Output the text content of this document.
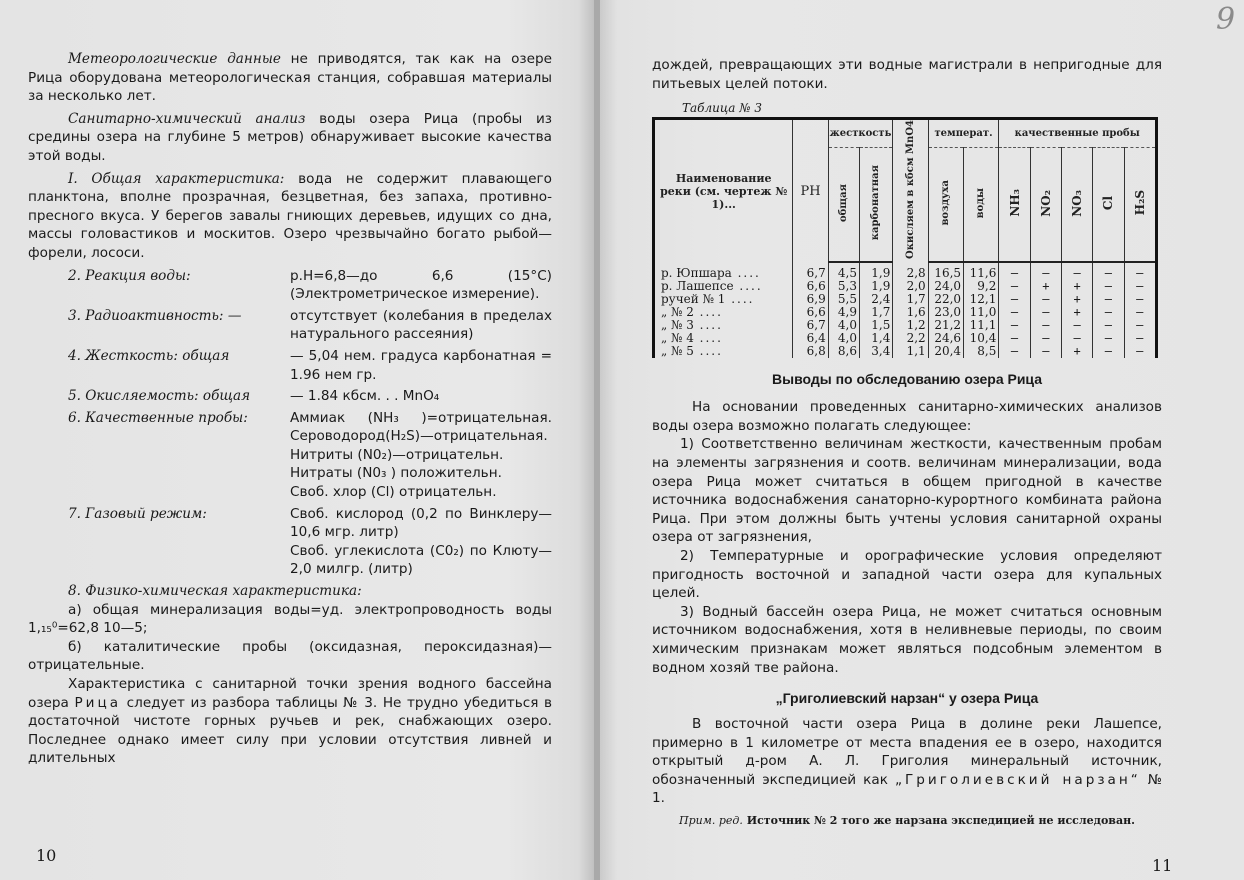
Метеорологические данные не приводятся, так как на озере Рица оборудована метеорологическая станция, собравшая материалы за несколько лет.

Санитарно-химический анализ воды озера Рица (пробы из средины озера на глубине 5 метров) обнаруживает высокие качества этой воды.

I. Общая характеристика: вода не содержит плавающего планктона, вполне прозрачная, безцветная, без запаха, противно-пресного вкуса. У берегов завалы гниющих деревьев, идущих со дна, массы головастиков и москитов. Озеро чрезвычайно богато рыбой—форели, лососи.

2. Реакция воды:	р.Н=6,8—до 6,6 (15°С) (Электрометрическое измерение).
3. Радиоактивность: —	отсутствует (колебания в пределах натурального рассеяния)
4. Жесткость: общая	— 5,04 нем. градуса карбонатная = 1.96 нем гр.
5. Окисляемость: общая	— 1.84 кбсм. . . MnO₄
6. Качественные пробы:	Аммиак (NH₃ )=отрицательная. Сероводород(H₂S)—отрицательная.
Нитриты (N0₂)—отрицательн.
Нитраты (N0₃ ) положительн.
Своб. хлор (Cl) отрицательн.
7. Газовый режим:	Своб. кислород (0,2 по Винклеру—10,6 мгр. литр)
Своб. углекислота (C0₂) по Клюту—2,0 милгр. (литр)

8. Физико-химическая характеристика:

а) общая минерализация воды=уд. электропроводность воды 1,₁₅⁰=62,8 10—5;

б) каталитические пробы (оксидазная, пероксидазная)—отрицательные.

Характеристика с санитарной точки зрения водного бассейна озера Рица следует из разбора таблицы № 3. Не трудно убедиться в достаточной чистоте горных ручьев и рек, снабжающих озеро. Последнее однако имеет силу при условии отсутствия ливней и длительных

10
9

дождей, превращающих эти водные магистрали в непригодные для питьевых целей потоки.

Таблица № 3
Наименование реки (см. чертеж № 1)...	PH	жесткость		Окисляем в кбсм MnO4	температ.		качественные пробы				
		общая	карбонатная		воздуха	воды	NH₃	NO₂	NO₃	Cl	H₂S
р. Юпшара ....	6,7	4,5	1,9	2,8	16,5	11,6	—	—	—	—	—
р. Лашепсе ....	6,6	5,3	1,9	2,0	24,0	9,2	—	+	+	—	—
ручей № 1 ....	6,9	5,5	2,4	1,7	22,0	12,1	—	—	+	—	—
„ № 2 ....	6,6	4,9	1,7	1,6	23,0	11,0	—	—	+	—	—
„ № 3 ....	6,7	4,0	1,5	1,2	21,2	11,1	—	—	—	—	—
„ № 4 ....	6,4	4,0	1,4	2,2	24,6	10,4	—	—	—	—	—
„ № 5 ....	6,8	8,6	3,4	1,1	20,4	8,5	—	—	+	—	—
Выводы по обследованию озера Рица

На основании проведенных санитарно-химических анализов воды озера возможно полагать следующее:

1) Соответственно величинам жесткости, качественным пробам на элементы загрязнения и соотв. величинам минерализации, вода озера Рица может считаться в общем пригодной в качестве источника водоснабжения санаторно-курортного комбината района Рица. При этом должны быть учтены условия санитарной охраны озера от загрязнения,

2) Температурные и орографические условия определяют пригодность восточной и западной части озера для купальных целей.

3) Водный бассейн озера Рица, не может считаться основным источником водоснабжения, хотя в неливневые периоды, по своим химическим признакам может являться подсобным элементом в водном хозяй тве района.

„Григолиевский нарзан“ у озера Рица

В восточной части озера Рица в долине реки Лашепсе, примерно в 1 километре от места впадения ее в озеро, находится открытый д-ром А. Л. Григолия минеральный источник, обозначенный экспедицией как „Григолиевский нарзан“ № 1.

Прим. ред. Источник № 2 того же нарзана экспедицией не исследован.
11
